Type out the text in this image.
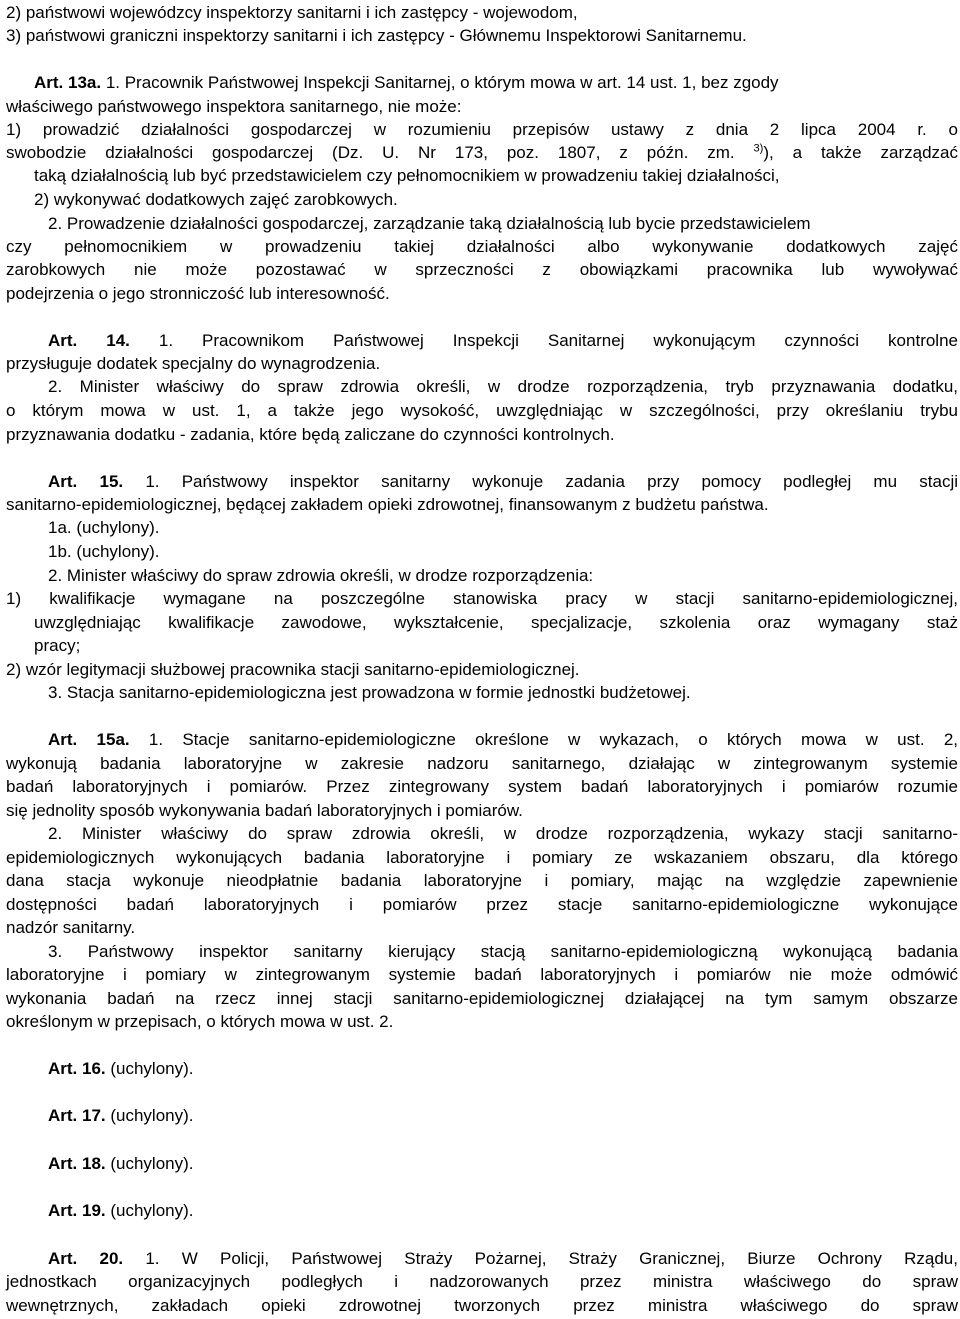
2) państwowi wojewódzcy inspektorzy sanitarni i ich zastępcy - wojewodom,
3) państwowi graniczni inspektorzy sanitarni i ich zastępcy - Głównemu Inspektorowi Sanitarnemu.
Art. 13a. 1. Pracownik Państwowej Inspekcji Sanitarnej, o którym mowa w art. 14 ust. 1, bez zgody
właściwego państwowego inspektora sanitarnego, nie może:
1) prowadzić działalności gospodarczej w rozumieniu przepisów ustawy z dnia 2 lipca 2004 r. o
swobodzie działalności gospodarczej (Dz. U. Nr 173, poz. 1807, z późn. zm. $^{3)}$), a także zarządzać
taką działalnością lub być przedstawicielem czy pełnomocnikiem w prowadzeniu takiej działalności,
2) wykonywać dodatkowych zajęć zarobkowych.
2. Prowadzenie działalności gospodarczej, zarządzanie taką działalnością lub bycie przedstawicielem
czy pełnomocnikiem w prowadzeniu takiej działalności albo wykonywanie dodatkowych zajęć
zarobkowych nie może pozostawać w sprzeczności z obowiązkami pracownika lub wywoływać
podejrzenia o jego stronniczość lub interesowność.
Art. 14. 1. Pracownikom Państwowej Inspekcji Sanitarnej wykonującym czynności kontrolne
przysługuje dodatek specjalny do wynagrodzenia.
2. Minister właściwy do spraw zdrowia określi, w drodze rozporządzenia, tryb przyznawania dodatku,
o którym mowa w ust. 1, a także jego wysokość, uwzględniając w szczególności, przy określaniu trybu
przyznawania dodatku - zadania, które będą zaliczane do czynności kontrolnych.
Art. 15. 1. Państwowy inspektor sanitarny wykonuje zadania przy pomocy podległej mu stacji
sanitarno-epidemiologicznej, będącej zakładem opieki zdrowotnej, finansowanym z budżetu państwa.
1a. (uchylony).
1b. (uchylony).
2. Minister właściwy do spraw zdrowia określi, w drodze rozporządzenia:
1) kwalifikacje wymagane na poszczególne stanowiska pracy w stacji sanitarno-epidemiologicznej,
uwzględniając kwalifikacje zawodowe, wykształcenie, specjalizacje, szkolenia oraz wymagany staż
pracy;
2) wzór legitymacji służbowej pracownika stacji sanitarno-epidemiologicznej.
3. Stacja sanitarno-epidemiologiczna jest prowadzona w formie jednostki budżetowej.
Art. 15a. 1. Stacje sanitarno-epidemiologiczne określone w wykazach, o których mowa w ust. 2,
wykonują badania laboratoryjne w zakresie nadzoru sanitarnego, działając w zintegrowanym systemie
badań laboratoryjnych i pomiarów. Przez zintegrowany system badań laboratoryjnych i pomiarów rozumie
się jednolity sposób wykonywania badań laboratoryjnych i pomiarów.
2. Minister właściwy do spraw zdrowia określi, w drodze rozporządzenia, wykazy stacji sanitarno-
epidemiologicznych wykonujących badania laboratoryjne i pomiary ze wskazaniem obszaru, dla którego
dana stacja wykonuje nieodpłatnie badania laboratoryjne i pomiary, mając na względzie zapewnienie
dostępności badań laboratoryjnych i pomiarów przez stacje sanitarno-epidemiologiczne wykonujące
nadzór sanitarny.
3. Państwowy inspektor sanitarny kierujący stacją sanitarno-epidemiologiczną wykonującą badania
laboratoryjne i pomiary w zintegrowanym systemie badań laboratoryjnych i pomiarów nie może odmówić
wykonania badań na rzecz innej stacji sanitarno-epidemiologicznej działającej na tym samym obszarze
określonym w przepisach, o których mowa w ust. 2.
Art. 16. (uchylony).
Art. 17. (uchylony).
Art. 18. (uchylony).
Art. 19. (uchylony).
Art. 20. 1. W Policji, Państwowej Straży Pożarnej, Straży Granicznej, Biurze Ochrony Rządu,
jednostkach organizacyjnych podległych i nadzorowanych przez ministra właściwego do spraw
wewnętrznych, zakładach opieki zdrowotnej tworzonych przez ministra właściwego do spraw
